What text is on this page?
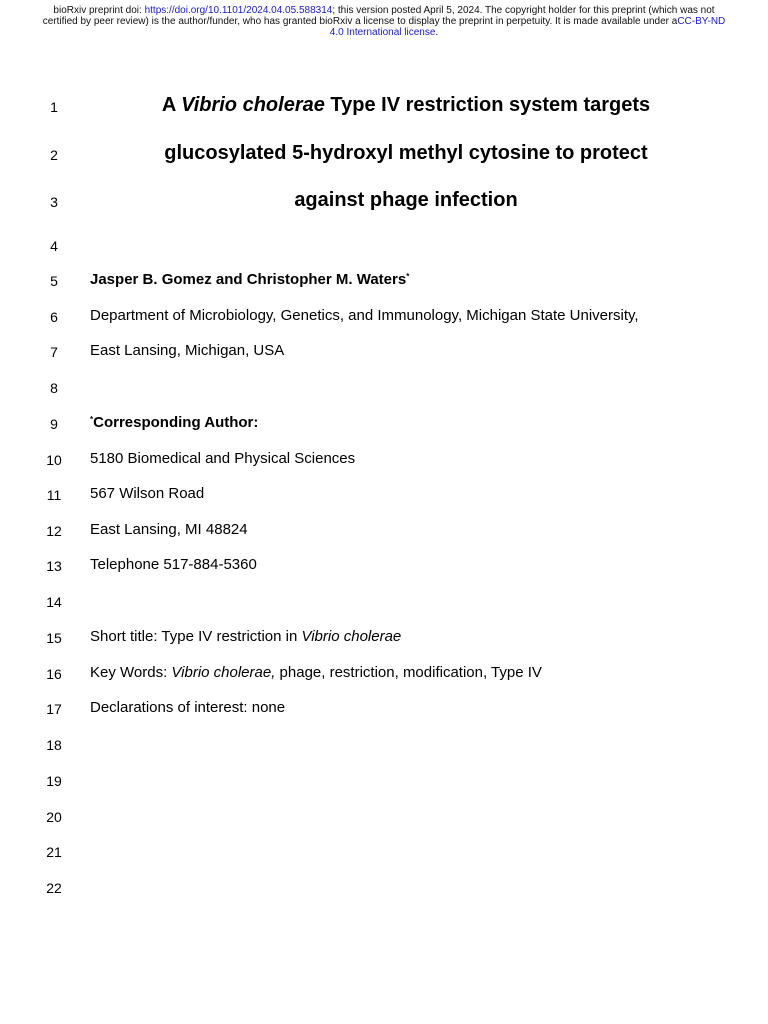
bioRxiv preprint doi: https://doi.org/10.1101/2024.04.05.588314; this version posted April 5, 2024. The copyright holder for this preprint (which was not certified by peer review) is the author/funder, who has granted bioRxiv a license to display the preprint in perpetuity. It is made available under aCC-BY-ND 4.0 International license.
1
2
3
4
5
6
7
8
9
10
11
12
13
14
15
16
17
18
19
20
21
22
A Vibrio cholerae Type IV restriction system targets
glucosylated 5-hydroxyl methyl cytosine to protect
against phage infection
Jasper B. Gomez and Christopher M. Waters*
Department of Microbiology, Genetics, and Immunology, Michigan State University,
East Lansing, Michigan, USA
*Corresponding Author:
5180 Biomedical and Physical Sciences
567 Wilson Road
East Lansing, MI 48824
Telephone 517-884-5360
Short title: Type IV restriction in Vibrio cholerae
Key Words: Vibrio cholerae, phage, restriction, modification, Type IV
Declarations of interest: none
